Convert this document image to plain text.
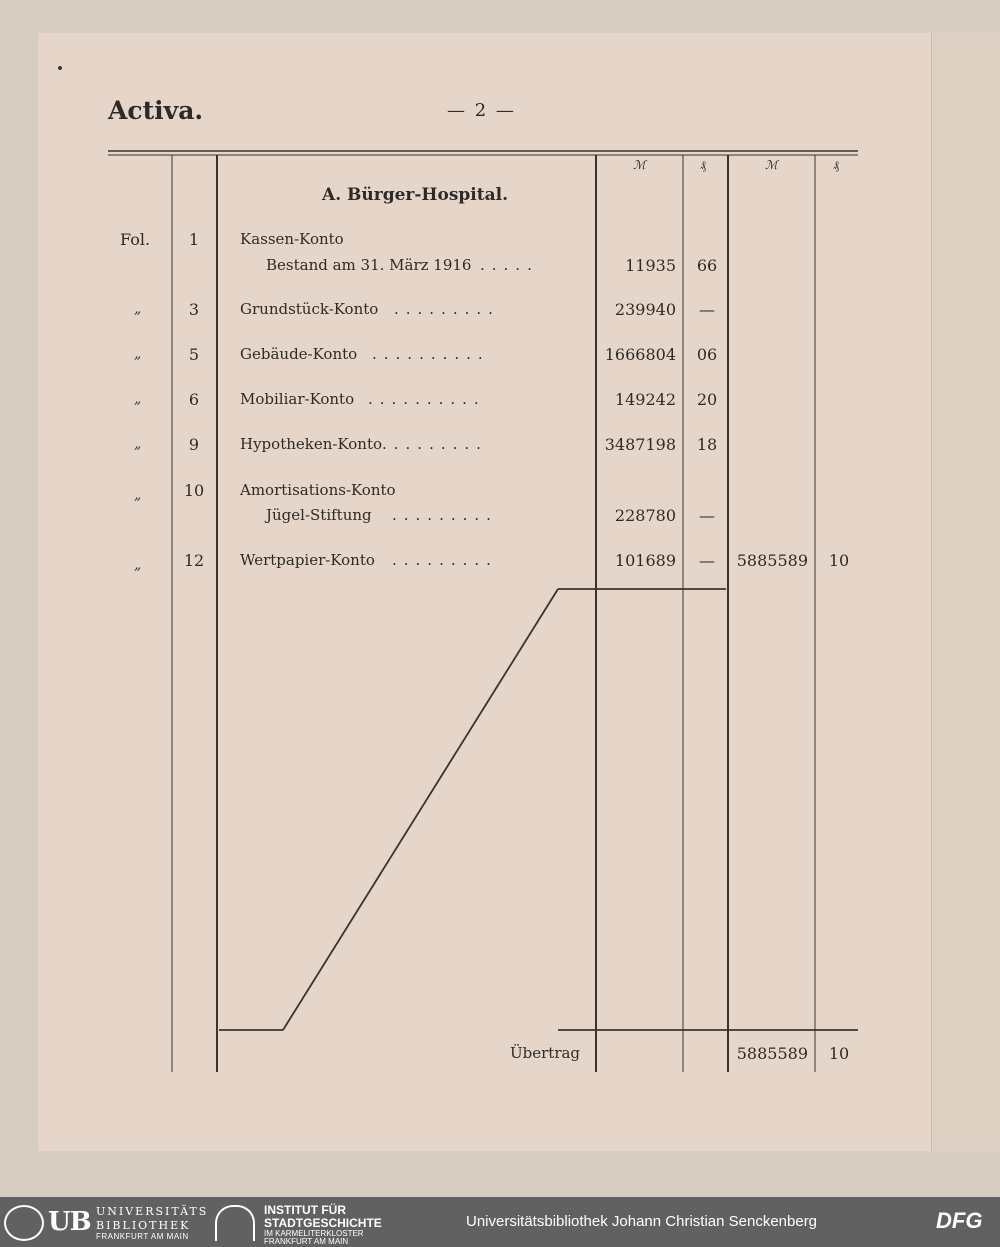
Activa.	— 2 —
ℳ	₰	ℳ	₰
A. Bürger-Hospital.
Fol.	1	Kassen-Konto
Bestand am 31. März 1916 .....	11935	66
„	3	Grundstück-Konto .........	239940	—
„	5	Gebäude-Konto ..........	1666804	06
„	6	Mobiliar-Konto ..........	149242	20
„	9	Hypotheken-Konto .........	3487198	18
„	10	Amortisations-Konto
Jügel-Stiftung .........	228780	—
„	12	Wertpapier-Konto .........	101689	—	5885589	10
Übertrag	5885589	10
UB UNIVERSITÄTS
BIBLIOTHEK
FRANKFURT AM MAIN
INSTITUT FÜR
STADTGESCHICHTE
IM KARMELITERKLOSTER
FRANKFURT AM MAIN
Universitätsbibliothek Johann Christian Senckenberg	DFG
